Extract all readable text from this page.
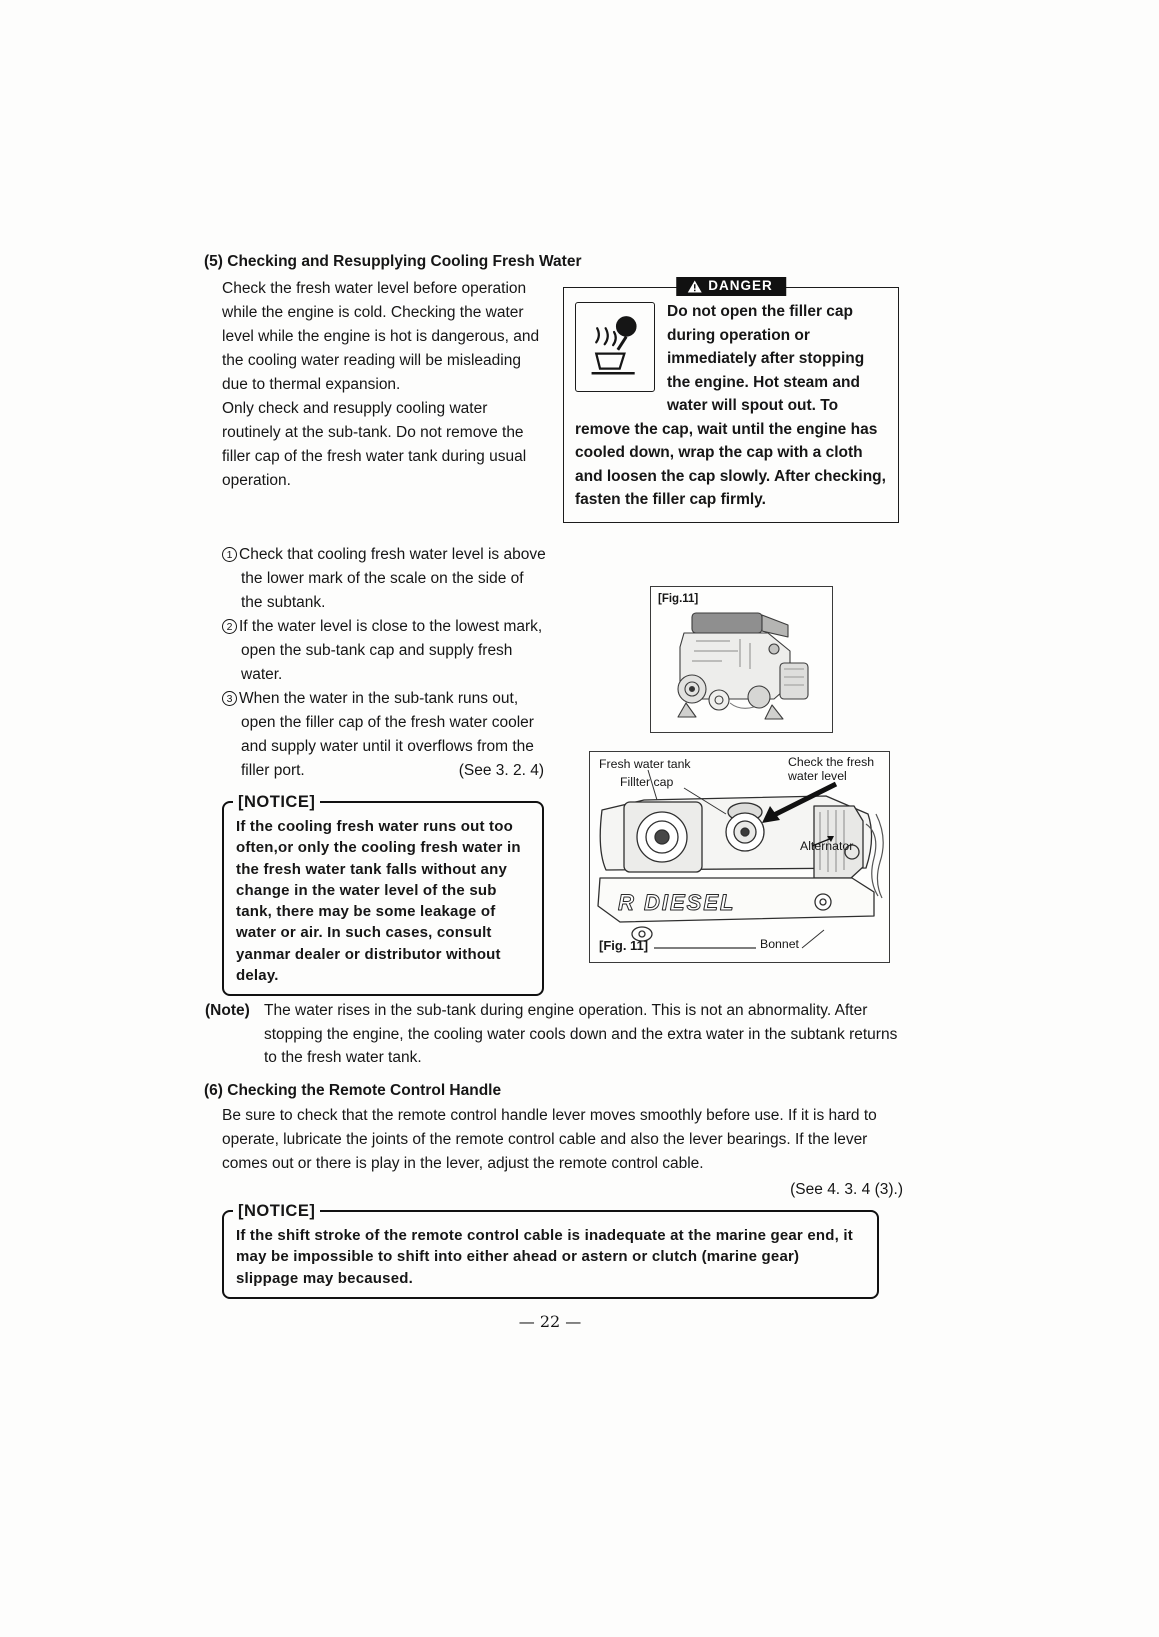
(5) Checking and Resupplying Cooling Fresh Water

Check the fresh water level before operation while the engine is cold. Checking the water level while the engine is hot is dangerous, and the cooling water reading will be misleading due to thermal expansion.

Only check and resupply cooling water routinely at the sub-tank. Do not remove the filler cap of the fresh water tank during usual operation.

DANGER
Do not open the filler cap during operation or immediately after stopping the engine. Hot steam and water will spout out. To remove the cap, wait until the engine has cooled down, wrap the cap with a cloth and loosen the cap slowly. After checking, fasten the filler cap firmly.
1 Check that cooling fresh water level is above the lower mark of the scale on the side of the subtank.
2 If the water level is close to the lowest mark, open the sub-tank cap and supply fresh water.
3 When the water in the sub-tank runs out, open the filler cap of the fresh water cooler and supply water until it overflows from the filler port.	(See 3. 2. 4)
[NOTICE]
If the cooling fresh water runs out too often,or only the cooling fresh water in the fresh water tank falls without any change in the water level of the sub tank, there may be some leakage of water or air. In such cases, consult yanmar dealer or distributor without delay.
[Fig.11]
Fresh water tank	Check the fresh water level
Fillter cap
Alternator
[Fig. 11]	Bonnet
R DIESEL
(Note) The water rises in the sub-tank during engine operation. This is not an abnormality. After stopping the engine, the cooling water cools down and the extra water in the subtank returns to the fresh water tank.
(6) Checking the Remote Control Handle
Be sure to check that the remote control handle lever moves smoothly before use. If it is hard to operate, lubricate the joints of the remote control cable and also the lever bearings. If the lever comes out or there is play in the lever, adjust the remote control cable.
(See 4. 3. 4 (3).)
[NOTICE]
If the shift stroke of the remote control cable is inadequate at the marine gear end, it may be impossible to shift into either ahead or astern or clutch (marine gear) slippage may becaused.
— 22 —
